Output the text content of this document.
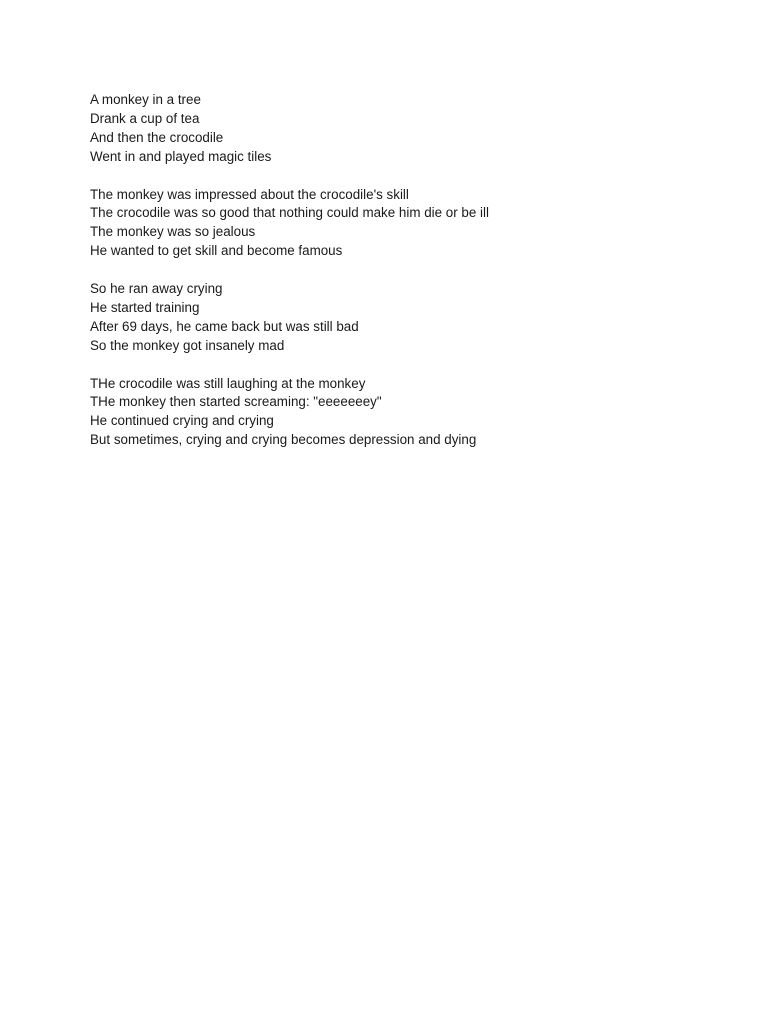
A monkey in a tree
Drank a cup of tea
And then the crocodile
Went in and played magic tiles
The monkey was impressed about the crocodile's skill
The crocodile was so good that nothing could make him die or be ill
The monkey was so jealous
He wanted to get skill and become famous
So he ran away crying
He started training
After 69 days, he came back but was still bad
So the monkey got insanely mad
THe crocodile was still laughing at the monkey
THe monkey then started screaming: "eeeeeeey"
He continued crying and crying
But sometimes, crying and crying becomes depression and dying
